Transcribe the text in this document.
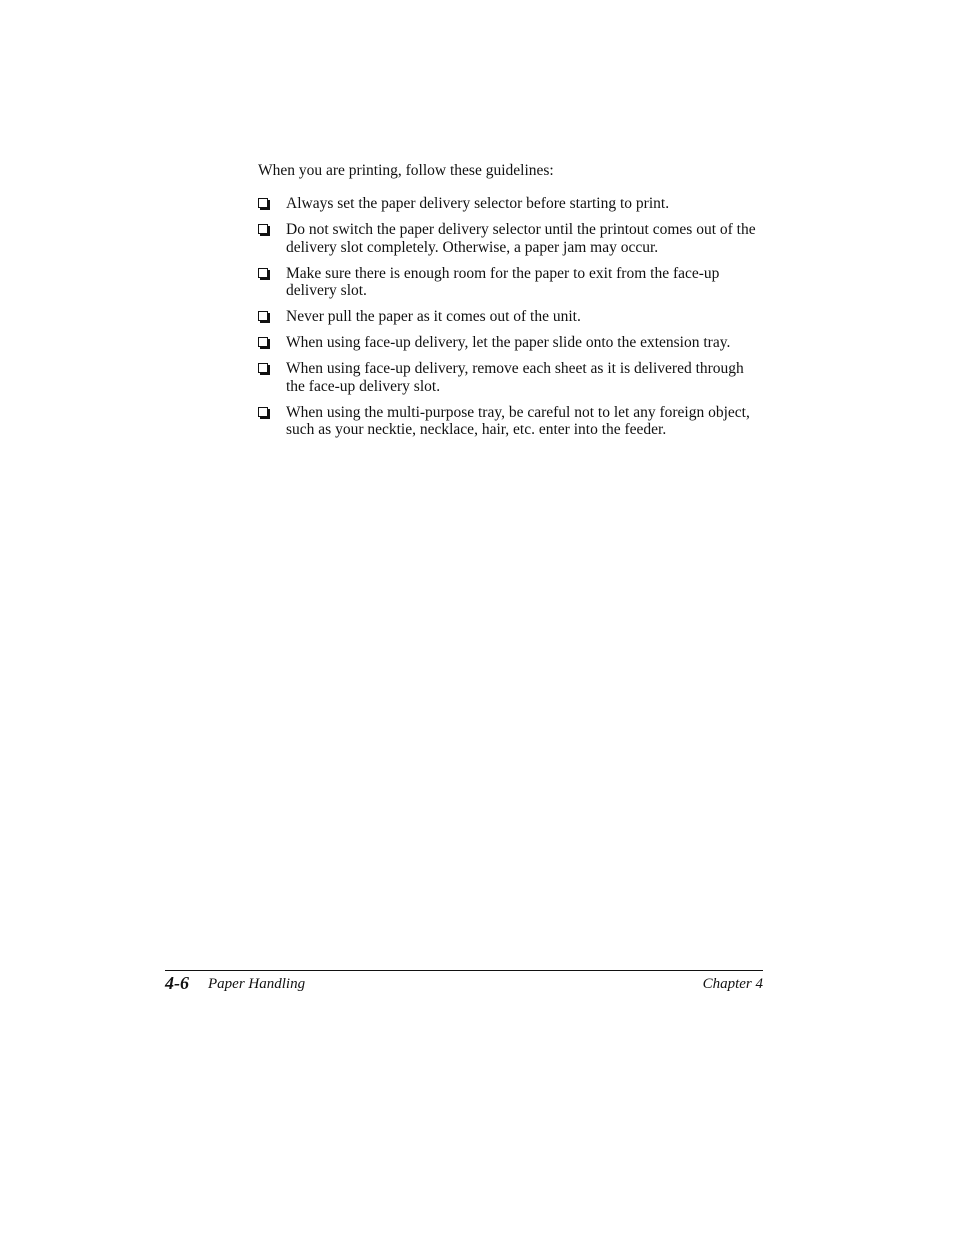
When you are printing, follow these guidelines:

Always set the paper delivery selector before starting to print.
Do not switch the paper delivery selector until the printout comes out of the delivery slot completely. Otherwise, a paper jam may occur.
Make sure there is enough room for the paper to exit from the face-up delivery slot.
Never pull the paper as it comes out of the unit.
When using face-up delivery, let the paper slide onto the extension tray.
When using face-up delivery, remove each sheet as it is delivered through the face-up delivery slot.
When using the multi-purpose tray, be careful not to let any foreign object, such as your necktie, necklace, hair, etc. enter into the feeder.
4-6 Paper Handling	Chapter 4
